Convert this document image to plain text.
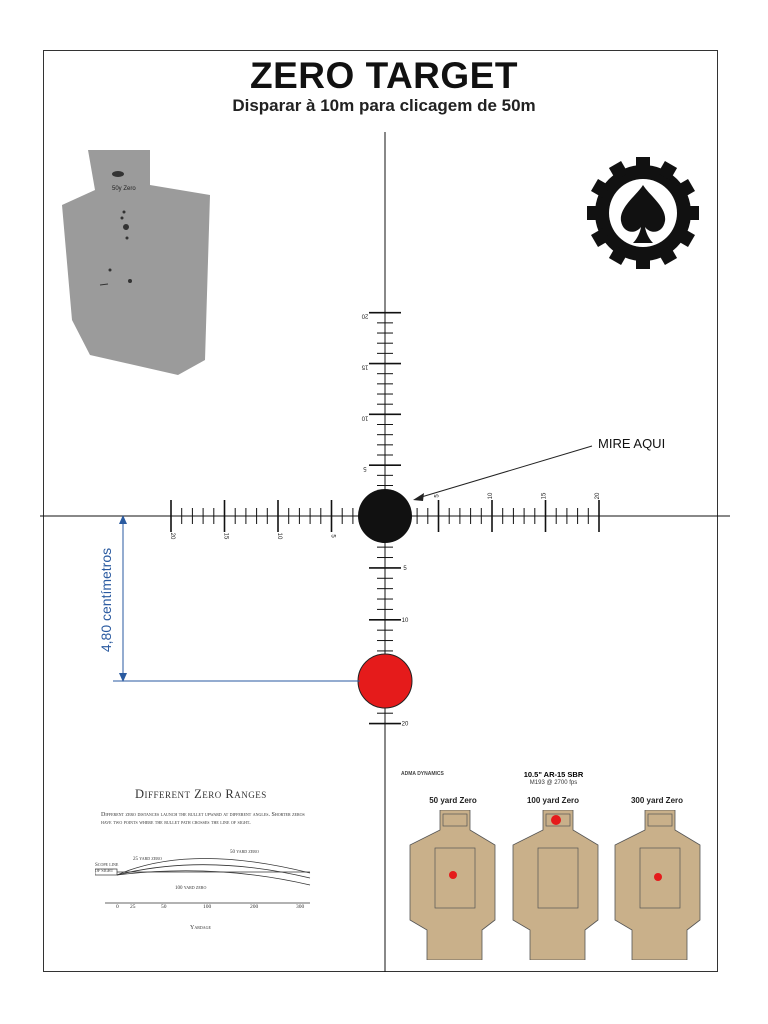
ZERO TARGET
Disparar à 10m para clicagem de 50m
20
15
10
5
5
10
20
20	15	10	5
5	10	15	20
50y Zero
MIRE AQUI
4,80 centímetros
Different Zero Ranges
Different zero distances launch the bullet upward at different angles. Shorter zeros have two points where the bullet path crosses the line of sight.
Scope line of sight
25 yard zero
50 yard zero
100 yard zero
0 25	50	100	200	300
Yardage
ADMA DYNAMICS	10.5" AR-15 SBR
M193 @ 2700 fps
50 yard Zero	100 yard Zero	300 yard Zero
